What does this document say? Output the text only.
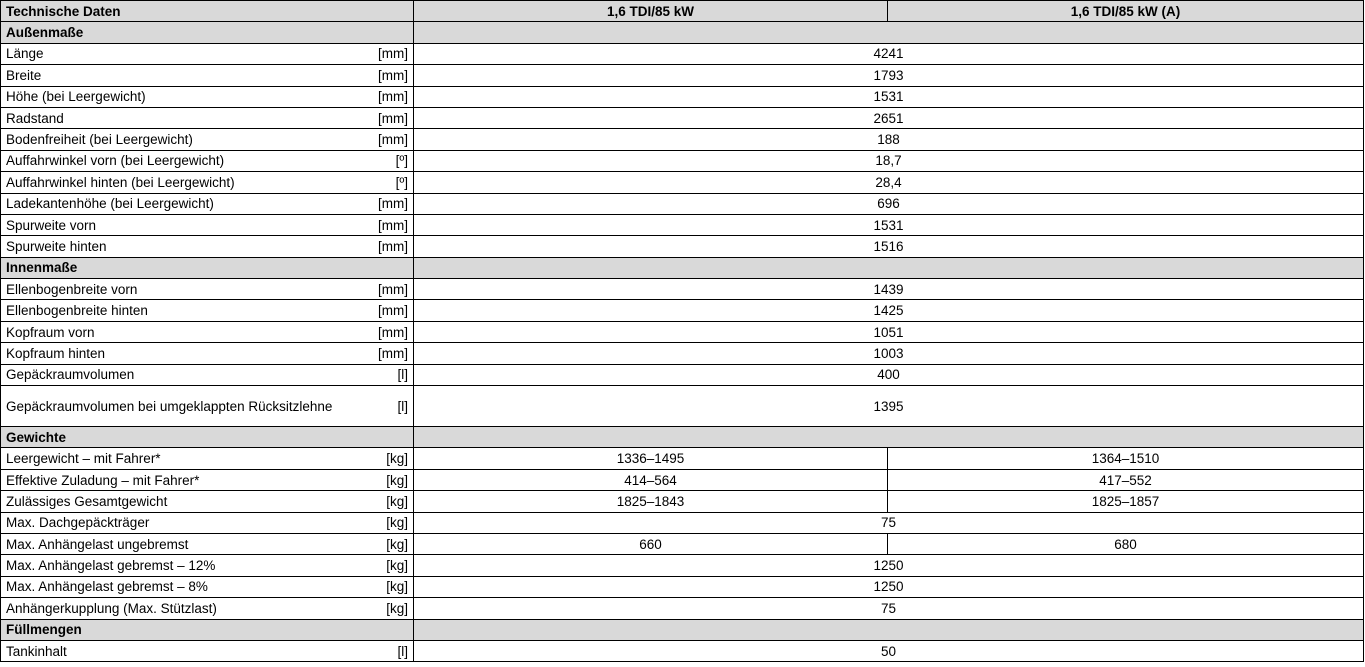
Technische Daten		1,6 TDI/85 kW	1,6 TDI/85 kW (A)
Außenmaße			
Länge	[mm]	4241	
Breite	[mm]	1793	
Höhe (bei Leergewicht)	[mm]	1531	
Radstand	[mm]	2651	
Bodenfreiheit (bei Leergewicht)	[mm]	188	
Auffahrwinkel vorn (bei Leergewicht)	[º]	18,7	
Auffahrwinkel hinten (bei Leergewicht)	[º]	28,4	
Ladekantenhöhe (bei Leergewicht)	[mm]	696	
Spurweite vorn	[mm]	1531	
Spurweite hinten	[mm]	1516	
Innenmaße			
Ellenbogenbreite vorn	[mm]	1439	
Ellenbogenbreite hinten	[mm]	1425	
Kopfraum vorn	[mm]	1051	
Kopfraum hinten	[mm]	1003	
Gepäckraumvolumen	[l]	400	
Gepäckraumvolumen bei umgeklappten Rücksitzlehne	[l]	1395	
Gewichte			
Leergewicht – mit Fahrer*	[kg]	1336–1495	1364–1510
Effektive Zuladung – mit Fahrer*	[kg]	414–564	417–552
Zulässiges Gesamtgewicht	[kg]	1825–1843	1825–1857
Max. Dachgepäckträger	[kg]	75	
Max. Anhängelast ungebremst	[kg]	660	680
Max. Anhängelast gebremst – 12%	[kg]	1250	
Max. Anhängelast gebremst – 8%	[kg]	1250	
Anhängerkupplung (Max. Stützlast)	[kg]	75	
Füllmengen			
Tankinhalt	[l]	50	
